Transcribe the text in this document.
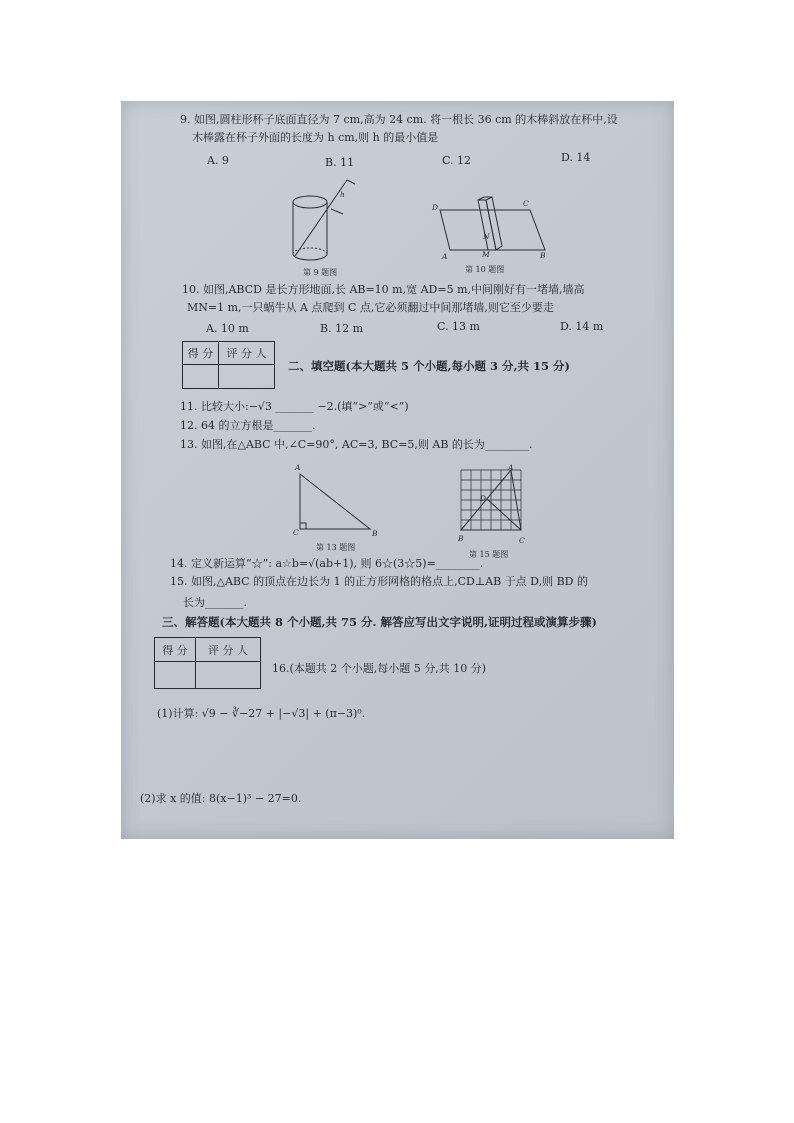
9. 如图,圆柱形杯子底面直径为 7 cm,高为 24 cm. 将一根长 36 cm 的木棒斜放在杯中,设
木棒露在杯子外面的长度为 h cm,则 h 的最小值是
A. 9	B. 11	C. 12	D. 14
h
第 9 题图
D	C
A	B
M
N
第 10 题图
10. 如图,ABCD 是长方形地面,长 AB=10 m,宽 AD=5 m,中间刚好有一堵墙,墙高
MN=1 m,一只蜗牛从 A 点爬到 C 点,它必须翻过中间那堵墙,则它至少要走
A. 10 m	B. 12 m	C. 13 m	D. 14 m
得 分	评 分 人

二、填空题(本大题共 5 个小题,每小题 3 分,共 15 分)
11. 比较大小:−√3 _______ −2.(填“>”或“<”)
12. 64 的立方根是_______.
13. 如图,在△ABC 中,∠C=90°, AC=3, BC=5,则 AB 的长为________.
A
C	B
第 13 题图
A
D
B	C
第 15 题图
14. 定义新运算“☆”: a☆b=√(ab+1), 则 6☆(3☆5)=________.
15. 如图,△ABC 的顶点在边长为 1 的正方形网格的格点上,CD⊥AB 于点 D,则 BD 的
长为_______.
三、解答题(本大题共 8 个小题,共 75 分. 解答应写出文字说明,证明过程或演算步骤)
得 分	评 分 人

16.(本题共 2 个小题,每小题 5 分,共 10 分)
(1)计算: √9 − ∛−27 + |−√3| + (π−3)⁰.
(2)求 x 的值: 8(x−1)³ − 27=0.
